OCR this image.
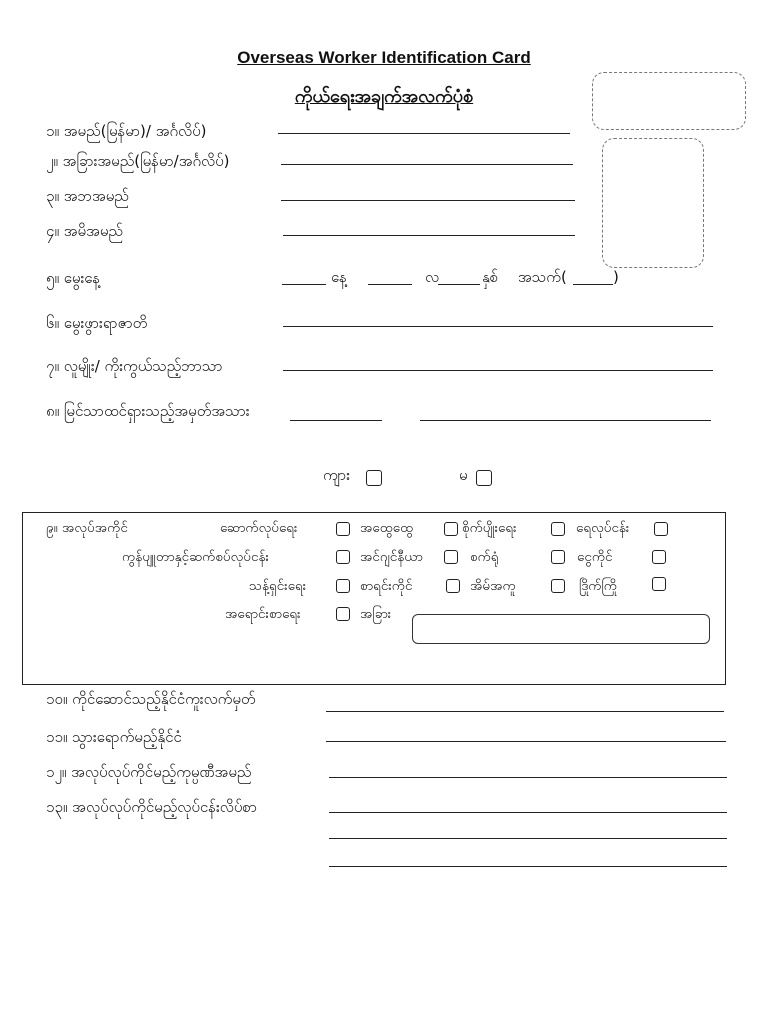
Overseas Worker Identification Card
ကိုယ်ရေးအချက်အလက်ပုံစံ
၁။ အမည်(မြန်မာ)/ အင်္ဂလိပ်)
၂။ အခြားအမည်(မြန်မာ/အင်္ဂလိပ်)
၃။ အဘအမည်
၄။ အမိအမည်
၅။ မွေးနေ့	နေ့	လ	နှစ် အသက်(	)
၆။ မွေးဖွားရာဇာတိ
၇။ လူမျိုး/ ကိုးကွယ်သည့်ဘာသာ
၈။ မြင်သာထင်ရှားသည့်အမှတ်အသား
ကျား	မ
၉။ အလုပ်အကိုင်	ဆောက်လုပ်ရေး	အထွေထွေ	စိုက်ပျိုးရေး	ရေလုပ်ငန်း
ကွန်ပျူတာနှင့်ဆက်စပ်လုပ်ငန်း	အင်ဂျင်နီယာ	စက်ရုံ	ငွေကိုင်
သန့်ရှင်းရေး	စာရင်းကိုင်	အိမ်အကူ	ဒြိုက်ကြို
အရောင်းစာရေး	အခြား
၁၀။ ကိုင်ဆောင်သည့်နိုင်ငံကူးလက်မှတ်
၁၁။ သွားရောက်မည့်နိုင်ငံ
၁၂။ အလုပ်လုပ်ကိုင်မည့်ကုမ္ပဏီအမည်
၁၃။ အလုပ်လုပ်ကိုင်မည့်လုပ်ငန်းလိပ်စာ
